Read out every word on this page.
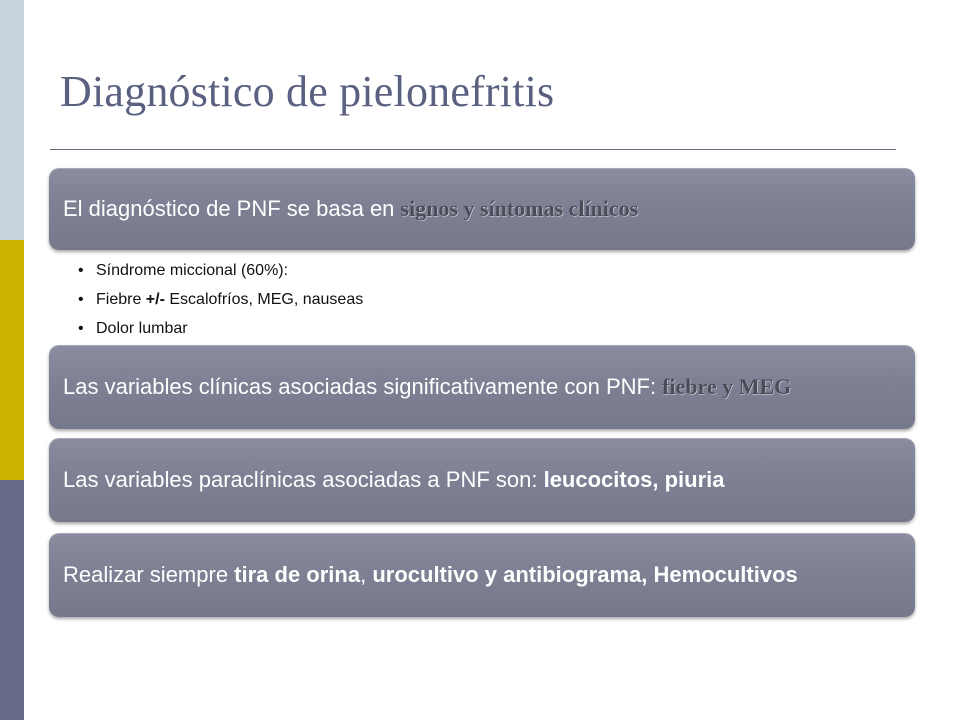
Diagnóstico de pielonefritis
El diagnóstico de PNF se basa en signos y síntomas clínicos
• Síndrome miccional (60%):
• Fiebre +/- Escalofríos, MEG, nauseas
• Dolor lumbar
Las variables clínicas asociadas significativamente con PNF: fiebre y MEG
Las variables paraclínicas asociadas a PNF son: leucocitos, piuria
Realizar siempre tira de orina, urocultivo y antibiograma, Hemocultivos
